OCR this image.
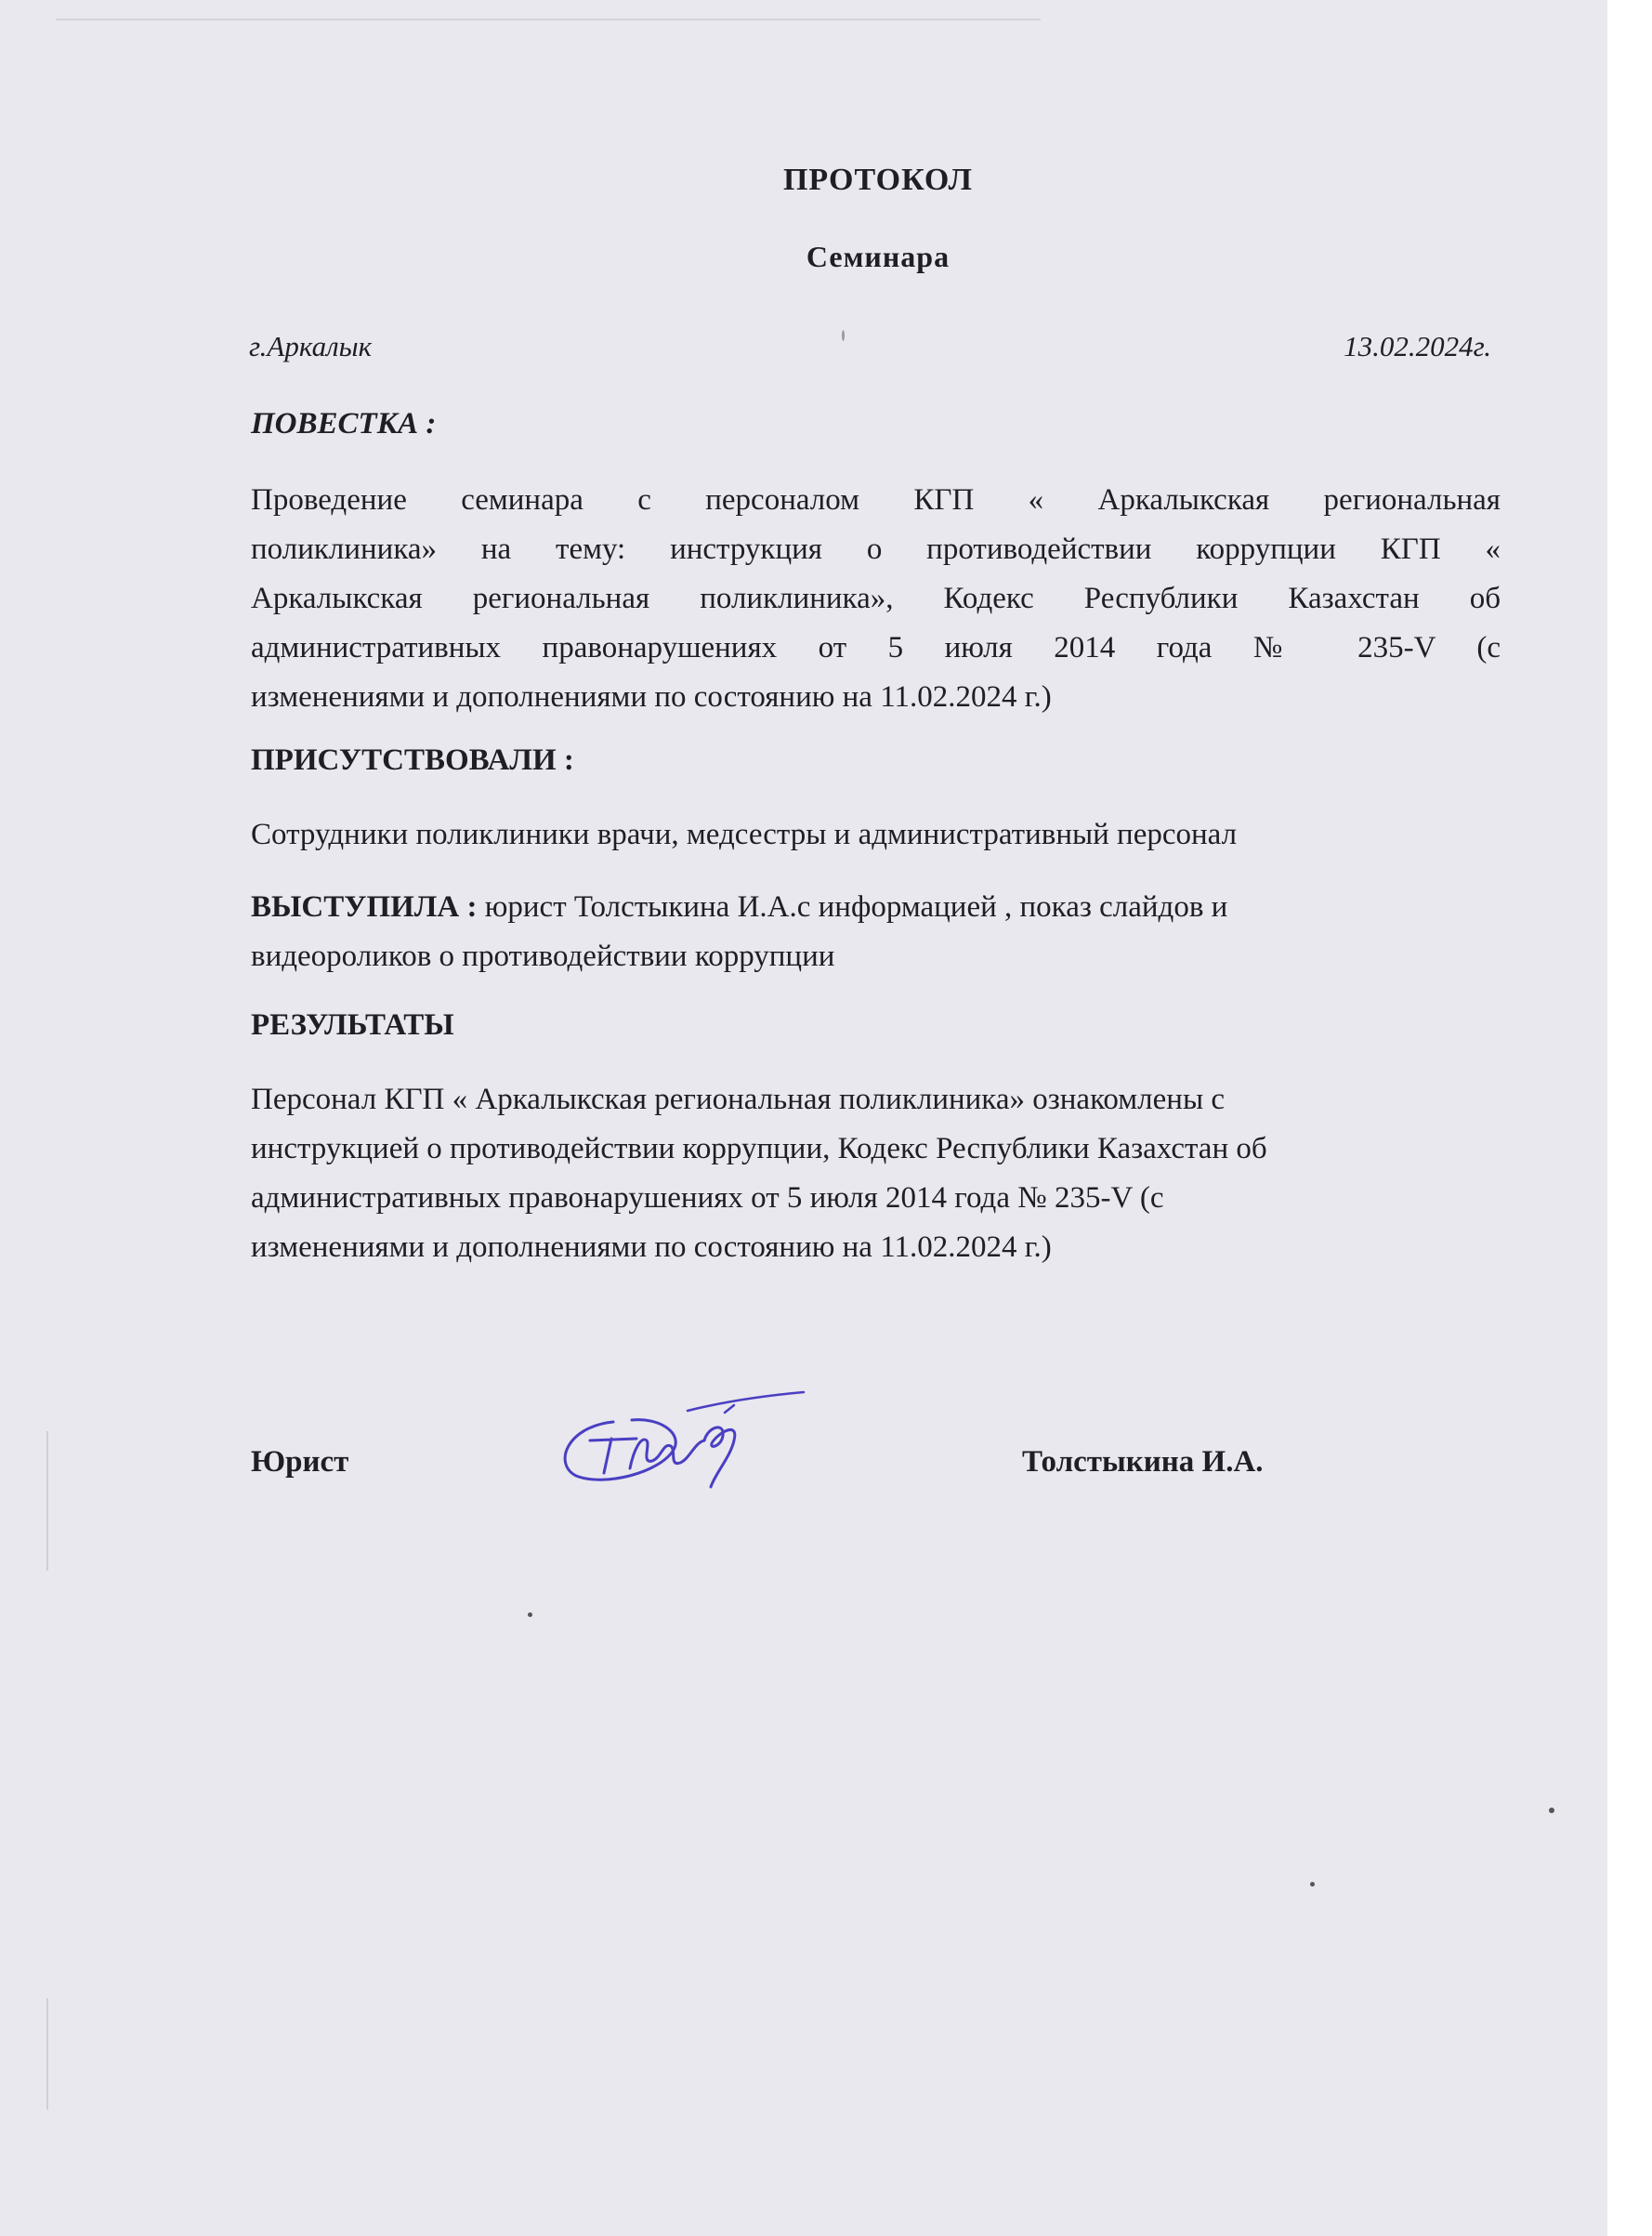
ПРОТОКОЛ
Семинара
г.Аркалык	13.02.2024г.
ПОВЕСТКА :
Проведение семинара с персоналом КГП « Аркалыкская региональная
поликлиника» на тему: инструкция о противодействии коррупции КГП «
Аркалыкская региональная поликлиника», Кодекс Республики Казахстан об
административных правонарушениях от 5 июля 2014 года № 235-V (с
изменениями и дополнениями по состоянию на 11.02.2024 г.)
ПРИСУТСТВОВАЛИ :
Сотрудники поликлиники врачи, медсестры и административный персонал
ВЫСТУПИЛА : юрист Толстыкина И.А.с информацией , показ слайдов и
видеороликов о противодействии коррупции
РЕЗУЛЬТАТЫ
Персонал КГП « Аркалыкская региональная поликлиника» ознакомлены с
инструкцией о противодействии коррупции, Кодекс Республики Казахстан об
административных правонарушениях от 5 июля 2014 года № 235-V (с
изменениями и дополнениями по состоянию на 11.02.2024 г.)
Юрист	Толстыкина И.А.
